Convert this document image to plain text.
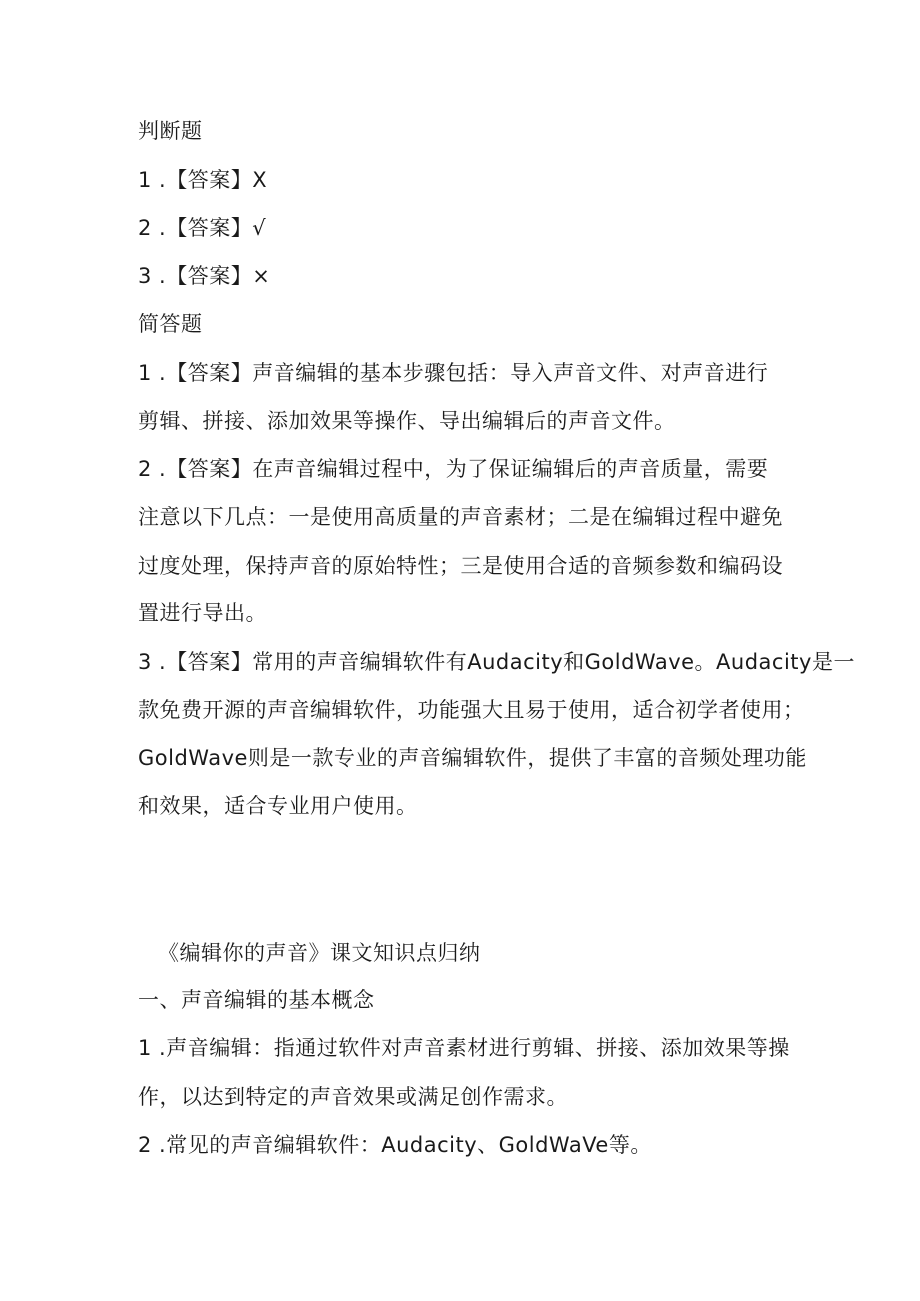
判断题
1 .【答案】X
2 .【答案】√
3 .【答案】×
简答题
1 .【答案】声音编辑的基本步骤包括：导入声音文件、对声音进行
剪辑、拼接、添加效果等操作、导出编辑后的声音文件。
2 .【答案】在声音编辑过程中，为了保证编辑后的声音质量，需要
注意以下几点：一是使用高质量的声音素材；二是在编辑过程中避免
过度处理，保持声音的原始特性；三是使用合适的音频参数和编码设
置进行导出。
3 .【答案】常用的声音编辑软件有Audacity和GoldWave。Audacity是一
款免费开源的声音编辑软件，功能强大且易于使用，适合初学者使用；
GoldWave则是一款专业的声音编辑软件，提供了丰富的音频处理功能
和效果，适合专业用户使用。
《编辑你的声音》课文知识点归纳
一、声音编辑的基本概念
1 .声音编辑：指通过软件对声音素材进行剪辑、拼接、添加效果等操
作，以达到特定的声音效果或满足创作需求。
2 .常见的声音编辑软件：Audacity、GoldWaVe等。
